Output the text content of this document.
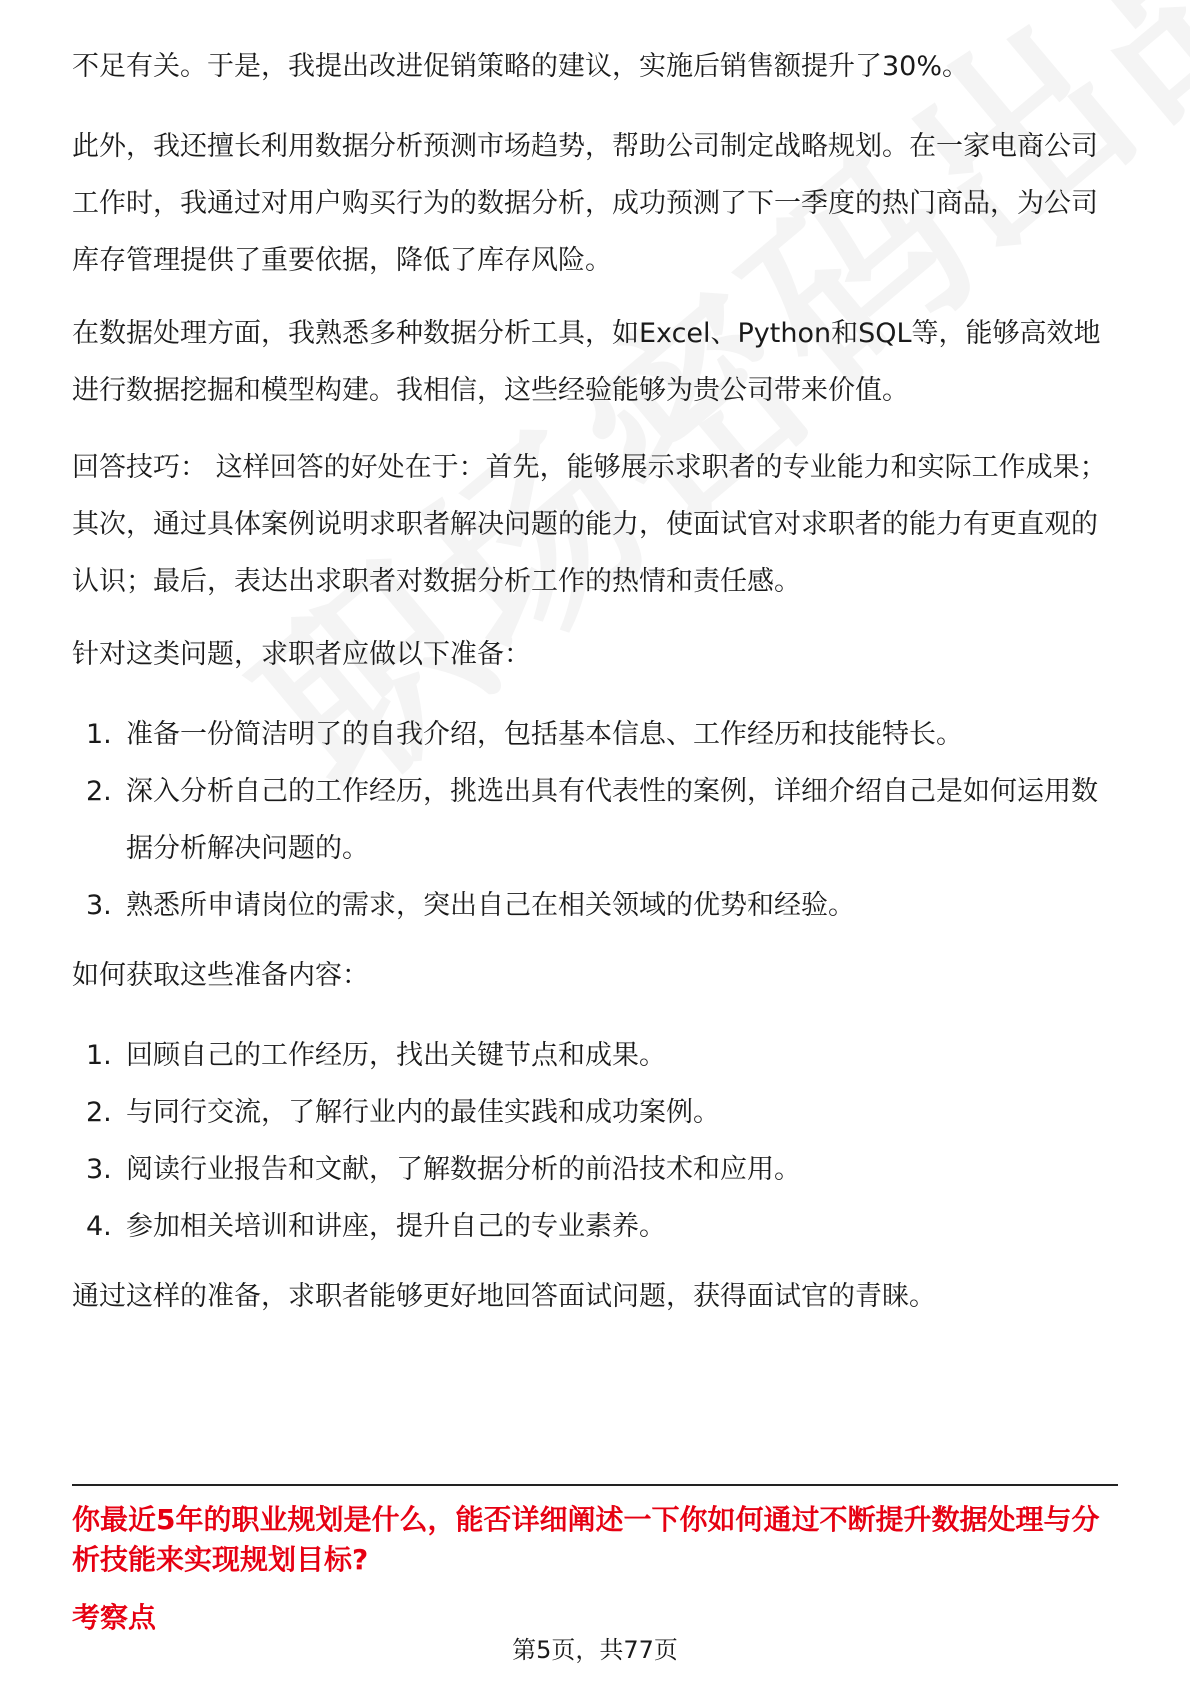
不足有关。于是，我提出改进促销策略的建议，实施后销售额提升了30%。

此外，我还擅长利用数据分析预测市场趋势，帮助公司制定战略规划。在一家电商公司工作时，我通过对用户购买行为的数据分析，成功预测了下一季度的热门商品，为公司库存管理提供了重要依据，降低了库存风险。

在数据处理方面，我熟悉多种数据分析工具，如Excel、Python和SQL等，能够高效地进行数据挖掘和模型构建。我相信，这些经验能够为贵公司带来价值。

回答技巧： 这样回答的好处在于：首先，能够展示求职者的专业能力和实际工作成果；其次，通过具体案例说明求职者解决问题的能力，使面试官对求职者的能力有更直观的认识；最后，表达出求职者对数据分析工作的热情和责任感。

针对这类问题，求职者应做以下准备：

1. 准备一份简洁明了的自我介绍，包括基本信息、工作经历和技能特长。
2. 深入分析自己的工作经历，挑选出具有代表性的案例，详细介绍自己是如何运用数据分析解决问题的。
3. 熟悉所申请岗位的需求，突出自己在相关领域的优势和经验。

如何获取这些准备内容：

1. 回顾自己的工作经历，找出关键节点和成果。
2. 与同行交流，了解行业内的最佳实践和成功案例。
3. 阅读行业报告和文献，了解数据分析的前沿技术和应用。
4. 参加相关培训和讲座，提升自己的专业素养。

通过这样的准备，求职者能够更好地回答面试问题，获得面试官的青睐。

你最近5年的职业规划是什么，能否详细阐述一下你如何通过不断提升数据处理与分析技能来实现规划目标?

考察点

第5页，共77页
